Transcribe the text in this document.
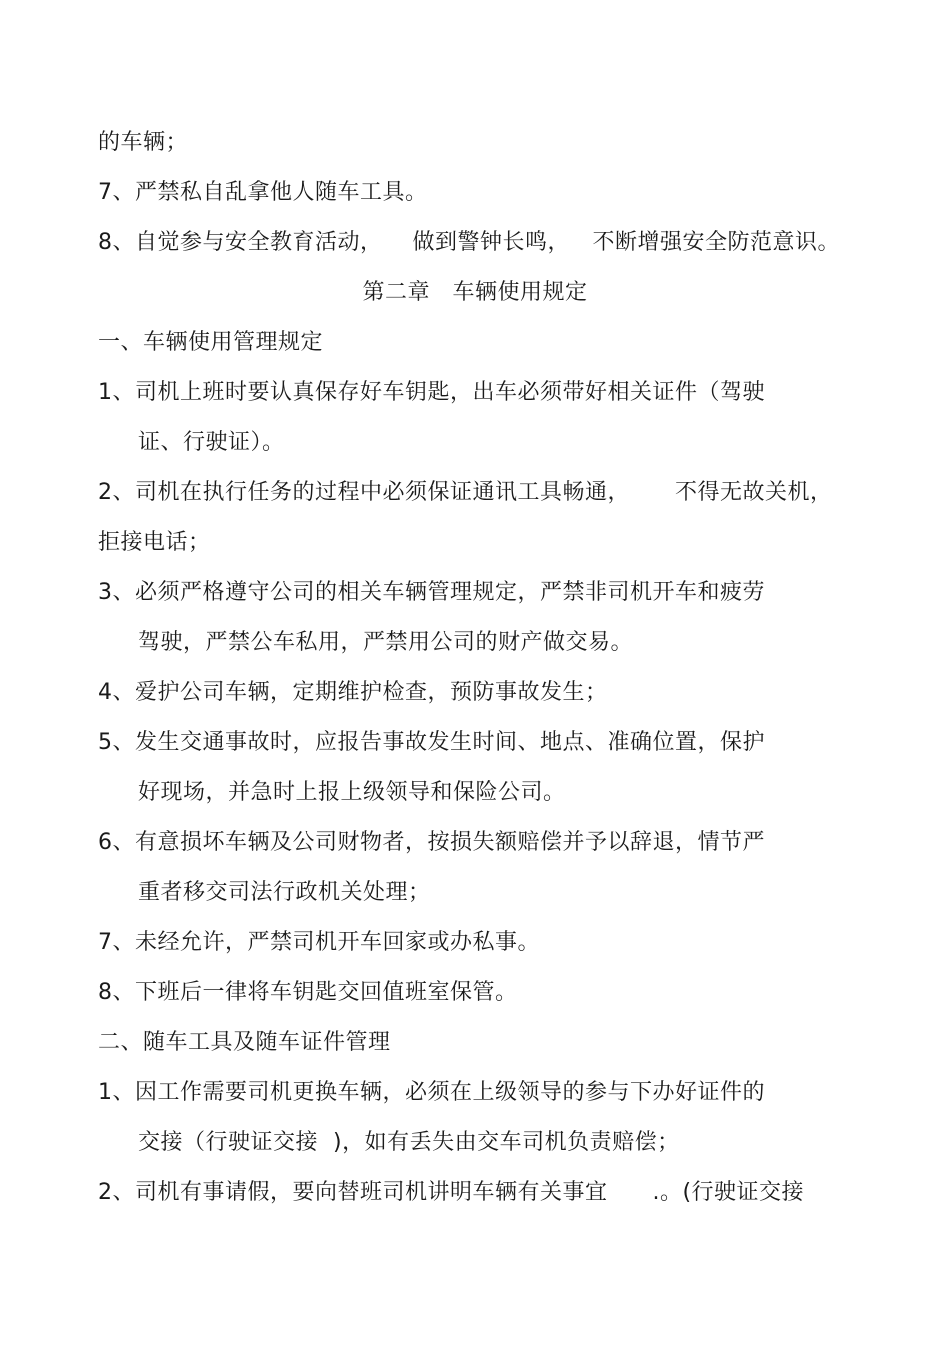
的车辆；
7、严禁私自乱拿他人随车工具。
8、自觉参与安全教育活动，    做到警钟长鸣，   不断增强安全防范意识。
第二章   车辆使用规定
一、车辆使用管理规定
1、司机上班时要认真保存好车钥匙，出车必须带好相关证件（驾驶
证、行驶证）。
2、司机在执行任务的过程中必须保证通讯工具畅通，      不得无故关机，
拒接电话；
3、必须严格遵守公司的相关车辆管理规定，严禁非司机开车和疲劳
驾驶，严禁公车私用，严禁用公司的财产做交易。
4、爱护公司车辆，定期维护检查，预防事故发生；
5、发生交通事故时，应报告事故发生时间、地点、准确位置，保护
好现场，并急时上报上级领导和保险公司。
6、有意损坏车辆及公司财物者，按损失额赔偿并予以辞退，情节严
重者移交司法行政机关处理；
7、未经允许，严禁司机开车回家或办私事。
8、下班后一律将车钥匙交回值班室保管。
二、随车工具及随车证件管理
1、因工作需要司机更换车辆，必须在上级领导的参与下办好证件的
交接（行驶证交接  )，如有丢失由交车司机负责赔偿；
2、司机有事请假，要向替班司机讲明车辆有关事宜      .。(行驶证交接
